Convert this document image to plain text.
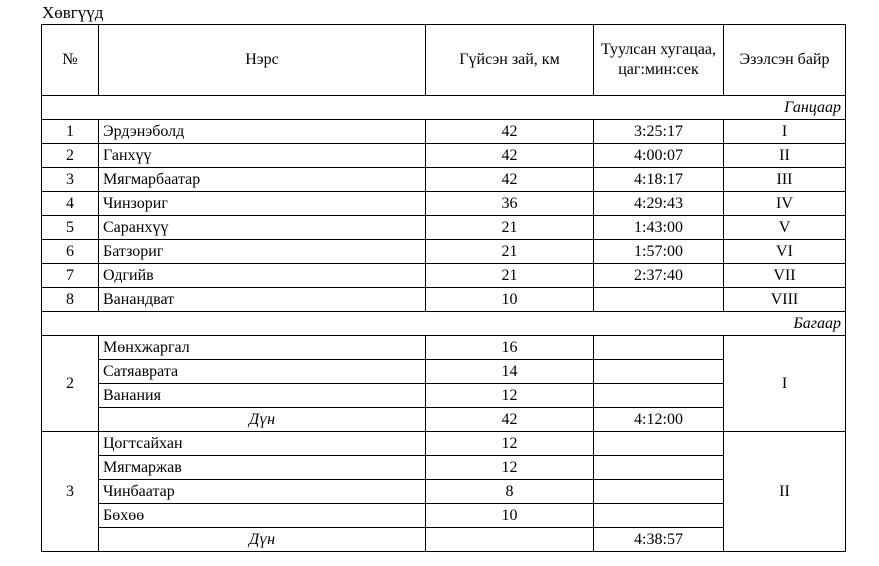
Хөвгүүд
№	Нэрс	Гүйсэн зай, км	Туулсан хугацаа, цаг:мин:сек	Эзэлсэн байр
Ганцаар				
1	Эрдэнэболд	42	3:25:17	I
2	Ганхүү	42	4:00:07	II
3	Мягмарбаатар	42	4:18:17	III
4	Чинзориг	36	4:29:43	IV
5	Саранхүү	21	1:43:00	V
6	Батзориг	21	1:57:00	VI
7	Одгийв	21	2:37:40	VII
8	Ванандват	10		VIII
Багаар				
2	Мөнхжаргал	16		I
	Сатяаврата	14		
	Ванания	12		
	Дүн	42	4:12:00	
3	Цогтсайхан	12		II
	Мягмаржав	12		
	Чинбаатар	8		
	Бөхөө	10		
	Дүн		4:38:57	
